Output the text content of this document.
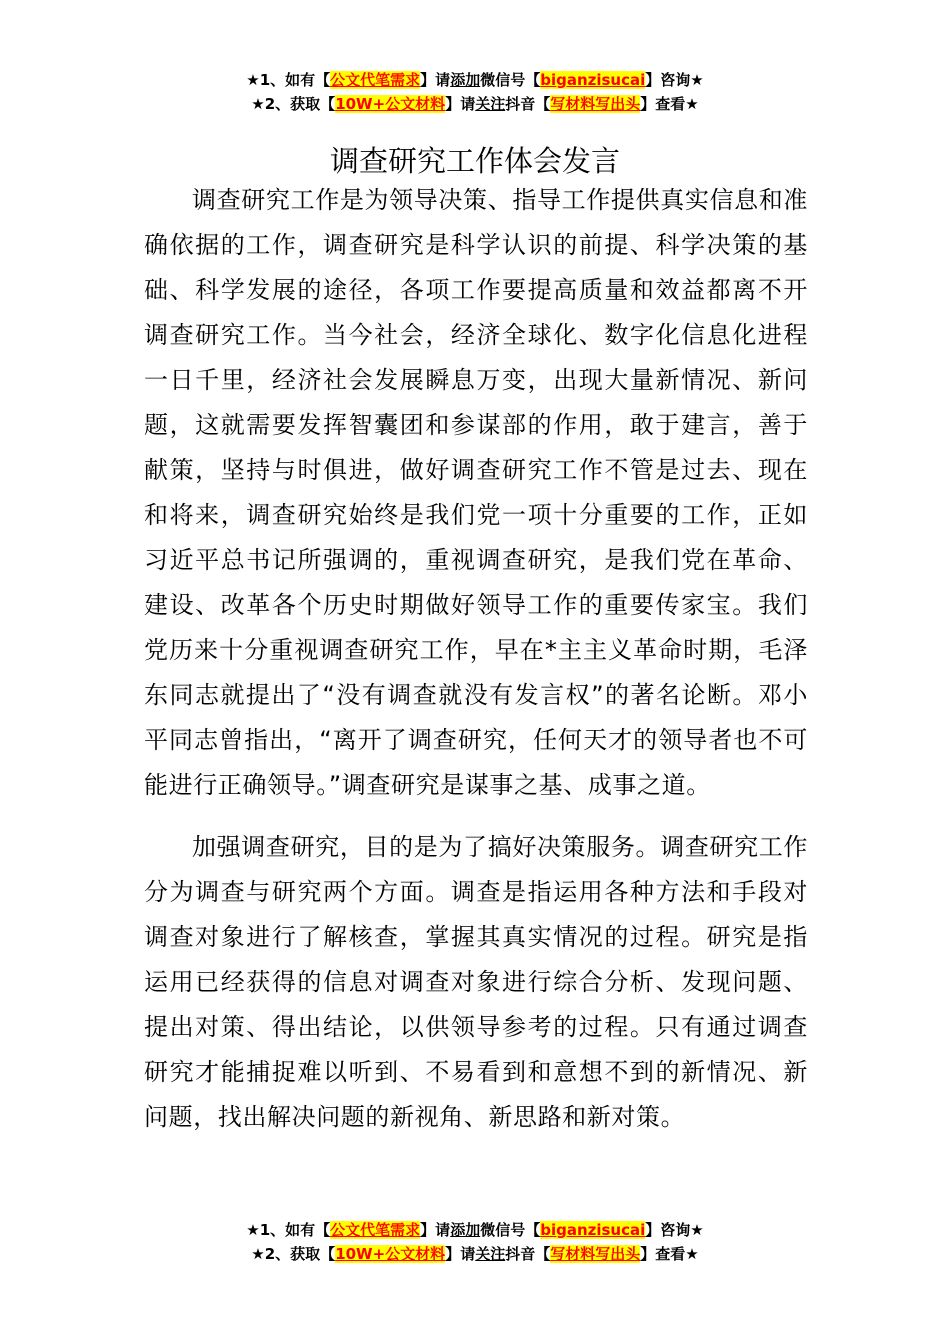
★1、如有【公文代笔需求】请添加微信号【biganzisucai】咨询★
★2、获取【10W+公文材料】请关注抖音【写材料写出头】查看★
调查研究工作体会发言

调查研究工作是为领导决策、指导工作提供真实信息和准确依据的工作，调查研究是科学认识的前提、科学决策的基础、科学发展的途径，各项工作要提高质量和效益都离不开调查研究工作。当今社会，经济全球化、数字化信息化进程一日千里，经济社会发展瞬息万变，出现大量新情况、新问题，这就需要发挥智囊团和参谋部的作用，敢于建言，善于献策，坚持与时俱进，做好调查研究工作不管是过去、现在和将来，调查研究始终是我们党一项十分重要的工作，正如习近平总书记所强调的，重视调查研究，是我们党在革命、建设、改革各个历史时期做好领导工作的重要传家宝。我们党历来十分重视调查研究工作，早在*主主义革命时期，毛泽东同志就提出了“没有调查就没有发言权”的著名论断。邓小平同志曾指出，“离开了调查研究，任何天才的领导者也不可能进行正确领导。”调查研究是谋事之基、成事之道。

加强调查研究，目的是为了搞好决策服务。调查研究工作分为调查与研究两个方面。调查是指运用各种方法和手段对调查对象进行了解核查，掌握其真实情况的过程。研究是指运用已经获得的信息对调查对象进行综合分析、发现问题、提出对策、得出结论，以供领导参考的过程。只有通过调查研究才能捕捉难以听到、不易看到和意想不到的新情况、新问题，找出解决问题的新视角、新思路和新对策。

★1、如有【公文代笔需求】请添加微信号【biganzisucai】咨询★
★2、获取【10W+公文材料】请关注抖音【写材料写出头】查看★
